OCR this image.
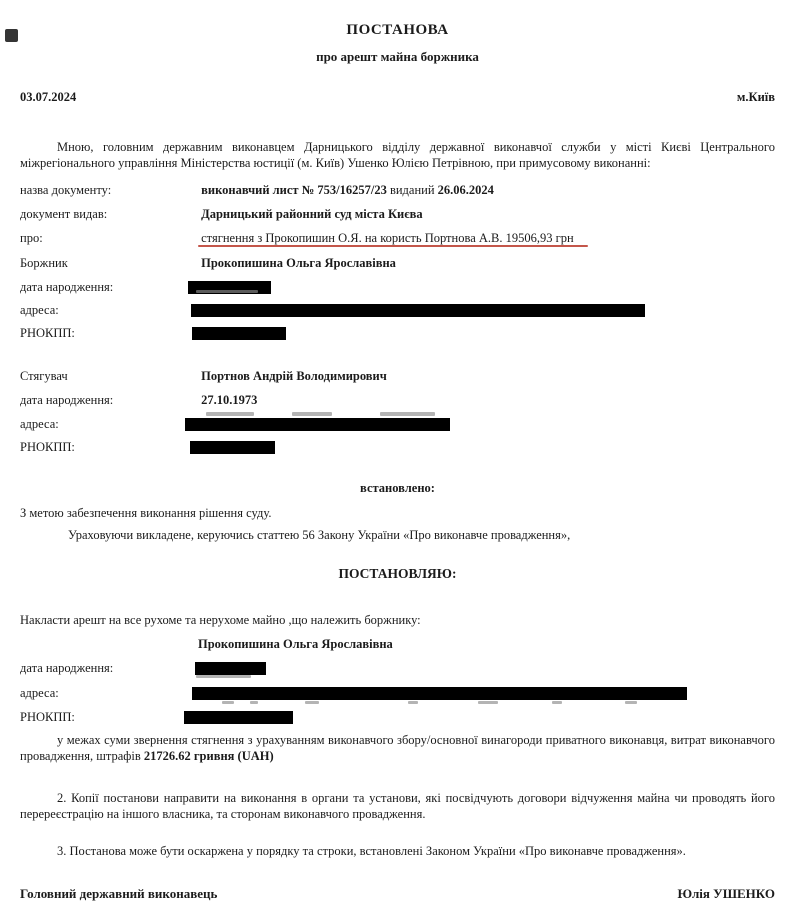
ПОСТАНОВА
про арешт майна боржника
03.07.2024	м.Київ
Мною, головним державним виконавцем Дарницького відділу державної виконавчої служби у місті Києві Центрального міжрегіонального управління Міністерства юстиції (м. Київ) Ушенко Юлією Петрівною, при примусовому виконанні:
назва документу:	виконавчий лист № 753/16257/23 виданий 26.06.2024
документ видав:	Дарницький районний суд міста Києва
про:	стягнення з Прокопишин О.Я. на користь Портнова А.В. 19506,93 грн
Боржник	Прокопишина Ольга Ярославівна
дата народження:
адреса:
РНОКПП:
Стягувач	Портнов Андрій Володимирович
дата народження:	27.10.1973
адреса:
РНОКПП:
встановлено:
З метою забезпечення виконання рішення суду.
Ураховуючи викладене, керуючись статтею 56 Закону України «Про виконавче провадження»,
ПОСТАНОВЛЯЮ:
Накласти арешт на все рухоме та нерухоме майно ,що належить боржнику:
Прокопишина Ольга Ярославівна
дата народження:
адреса:
РНОКПП:
у межах суми звернення стягнення з урахуванням виконавчого збору/основної винагороди приватного виконавця, витрат виконавчого провадження, штрафів 21726.62 гривня (UAH)
2. Копії постанови направити на виконання в органи та установи, які посвідчують договори відчуження майна чи проводять його перереєстрацію на іншого власника, та сторонам виконавчого провадження.
3. Постанова може бути оскаржена у порядку та строки, встановлені Законом України «Про виконавче провадження».
Головний державний виконавець	Юлія УШЕНКО
